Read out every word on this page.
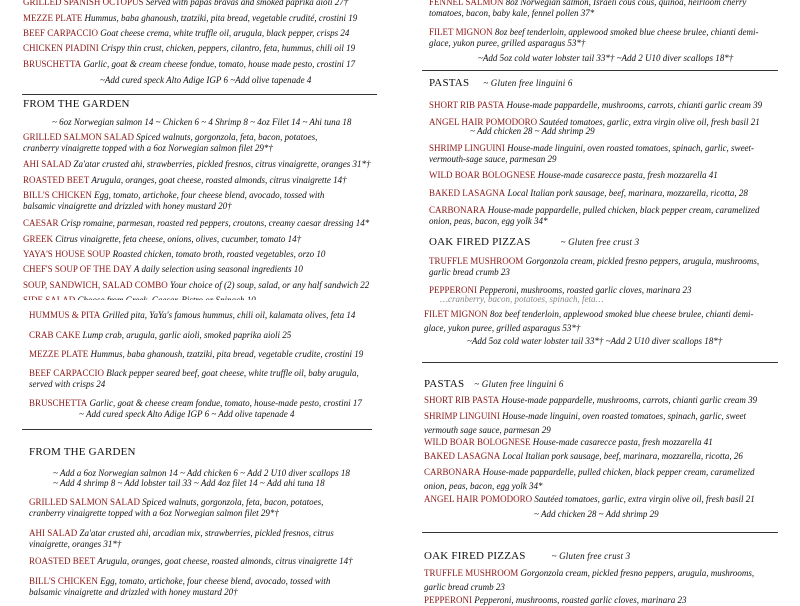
GRILLED SPANISH OCTOPUS Served with papas bravas and smoked paprika aioli 27†
MEZZE PLATE Hummus, baba ghanoush, tzatziki, pita bread, vegetable crudité, crostini 19
BEEF CARPACCIO Goat cheese crema, white truffle oil, arugula, black pepper, crisps 24
CHICKEN PIADINI Crispy thin crust, chicken, peppers, cilantro, feta, hummus, chili oil 19
BRUSCHETTA Garlic, goat & cream cheese fondue, tomato, house made pesto, crostini 17
~Add cured speck Alto Adige IGP 6 ~Add olive tapenade 4
FROM THE GARDEN
~ 6oz Norwegian salmon 14 ~ Chicken 6 ~ 4 Shrimp 8 ~ 4oz Filet 14 ~ Ahi tuna 18
GRILLED SALMON SALAD Spiced walnuts, gorgonzola, feta, bacon, potatoes, cranberry vinaigrette topped with a 6oz Norwegian salmon filet 29*†
AHI SALAD Za'atar crusted ahi, strawberries, pickled fresnos, citrus vinaigrette, oranges 31*†
ROASTED BEET Arugula, oranges, goat cheese, roasted almonds, citrus vinaigrette 14†
BILL'S CHICKEN Egg, tomato, artichoke, four cheese blend, avocado, tossed with balsamic vinaigrette and drizzled with honey mustard 20†
CAESAR Crisp romaine, parmesan, roasted red peppers, croutons, creamy caesar dressing 14*
GREEK Citrus vinaigrette, feta cheese, onions, olives, cucumber, tomato 14†
YAYA'S HOUSE SOUP Roasted chicken, tomato broth, roasted vegetables, orzo 10
CHEF'S SOUP OF THE DAY A daily selection using seasonal ingredients 10
SOUP, SANDWICH, SALAD COMBO Your choice of (2) soup, salad, or any half sandwich 22
FENNEL SALMON 8oz Norwegian salmon, Israeli cous cous, quinoa, heirloom cherry tomatoes, bacon, baby kale, fennel pollen 37*
FILET MIGNON 8oz beef tenderloin, applewood smoked blue cheese brulee, chianti demi-glace, yukon puree, grilled asparagus 53*†
~Add 5oz cold water lobster tail 33*† ~Add 2 U10 diver scallops 18*†
PASTAS ~ Gluten free linguini 6
SHORT RIB PASTA House-made pappardelle, mushrooms, carrots, chianti garlic cream 39
ANGEL HAIR POMODORO Sautéed tomatoes, garlic, extra virgin olive oil, fresh basil 21
~ Add chicken 28 ~ Add shrimp 29
SHRIMP LINGUINI House-made linguini, oven roasted tomatoes, spinach, garlic, sweet-vermouth-sage sauce, parmesan 29
WILD BOAR BOLOGNESE House-made casarecce pasta, fresh mozzarella 41
BAKED LASAGNA Local Italian pork sausage, beef, marinara, mozzarella, ricotta, 28
CARBONARA House-made pappardelle, pulled chicken, black pepper cream, caramelized onion, peas, bacon, egg yolk 34*
OAK FIRED PIZZAS	~ Gluten free crust 3
TRUFFLE MUSHROOM Gorgonzola cream, pickled fresno peppers, arugula, mushrooms, garlic bread crumb 23
PEPPERONI Pepperoni, mushrooms, roasted garlic cloves, marinara 23
HUMMUS & PITA Grilled pita, YaYa's famous hummus, chili oil, kalamata olives, feta 14
CRAB CAKE Lump crab, arugula, garlic aioli, smoked paprika aioli 25
MEZZE PLATE Hummus, baba ghanoush, tzatziki, pita bread, vegetable crudite, crostini 19
BEEF CARPACCIO Black pepper seared beef, goat cheese, white truffle oil, baby arugula, served with crisps 24
BRUSCHETTA Garlic, goat & cheese cream fondue, tomato, house-made pesto, crostini 17
~ Add cured speck Alto Adige IGP 6 ~ Add olive tapenade 4
FROM THE GARDEN
~ Add a 6oz Norwegian salmon 14 ~ Add chicken 6 ~ Add 2 U10 diver scallops 18
~ Add 4 shrimp 8 ~ Add lobster tail 33 ~ Add 4oz filet 14 ~ Add ahi tuna 18
GRILLED SALMON SALAD Spiced walnuts, gorgonzola, feta, bacon, potatoes, cranberry vinaigrette topped with a 6oz Norwegian salmon filet 29*†
AHI SALAD Za'atar crusted ahi, arcadian mix, strawberries, pickled fresnos, citrus vinaigrette, oranges 31*†
ROASTED BEET Arugula, oranges, goat cheese, roasted almonds, citrus vinaigrette 14†
BILL'S CHICKEN Egg, tomato, artichoke, four cheese blend, avocado, tossed with balsamic vinaigrette and drizzled with honey mustard 20†
…cranberry, bacon, potatoes, spinach, feta…
FILET MIGNON 8oz beef tenderloin, applewood smoked blue cheese brulee, chianti demi-glace, yukon puree, grilled asparagus 53*†
~Add 5oz cold water lobster tail 33*† ~Add 2 U10 diver scallops 18*†
PASTAS ~ Gluten free linguini 6
SHORT RIB PASTA House-made pappardelle, mushrooms, carrots, chianti garlic cream 39
SHRIMP LINGUINI House-made linguini, oven roasted tomatoes, spinach, garlic, sweet vermouth sage sauce, parmesan 29
WILD BOAR BOLOGNESE House-made casarecce pasta, fresh mozzarella 41
BAKED LASAGNA Local Italian pork sausage, beef, marinara, mozzarella, ricotta, 26
CARBONARA House-made pappardelle, pulled chicken, black pepper cream, caramelized onion, peas, bacon, egg yolk 34*
ANGEL HAIR POMODORO Sautéed tomatoes, garlic, extra virgin olive oil, fresh basil 21
~ Add chicken 28 ~ Add shrimp 29
OAK FIRED PIZZAS	~ Gluten free crust 3
TRUFFLE MUSHROOM Gorgonzola cream, pickled fresno peppers, arugula, mushrooms, garlic bread crumb 23
PEPPERONI Pepperoni, mushrooms, roasted garlic cloves, marinara 23
